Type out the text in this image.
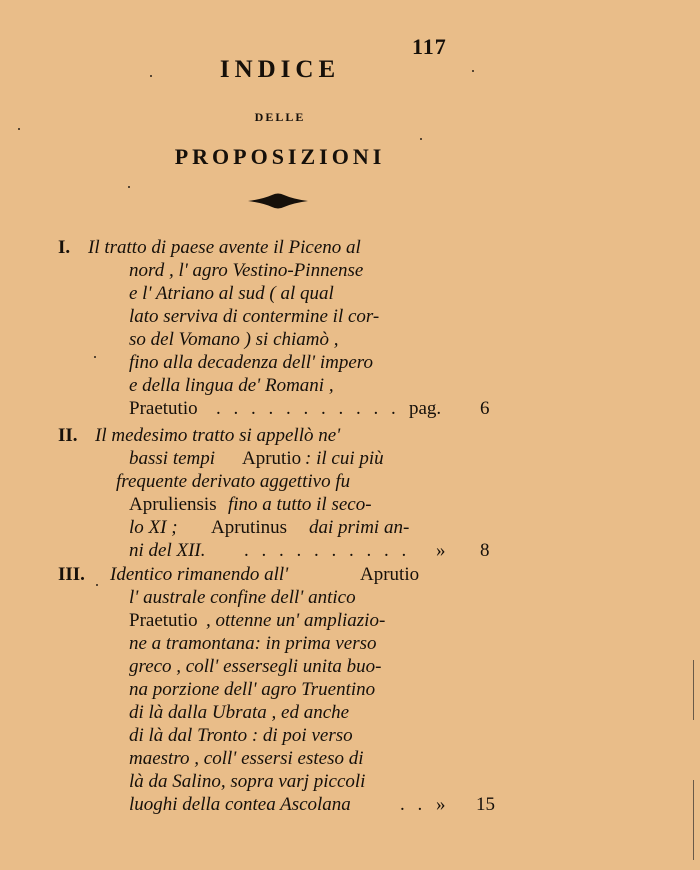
117
INDICE
DELLE
PROPOSIZIONI
I. Il tratto di paese avente il Piceno al
nord , l' agro Vestino-Pinnense
e l' Atriano al sud ( al qual
lato serviva di contermine il cor-
so del Vomano ) si chiamò ,
fino alla decadenza dell' impero
e della lingua de' Romani ,
Praetutio . . . . . . . . . . . pag. 6
II. Il medesimo tratto si appellò ne'
bassi tempi Aprutio : il cui più
frequente derivato aggettivo fu
Apruliensis fino a tutto il seco-
lo XI ; Aprutinus dai primi an-
ni del XII. . . . . . . . . . . » 8
III. Identico rimanendo all'	Aprutio
l' australe confine dell' antico
Praetutio , ottenne un' ampliazio-
ne a tramontana: in prima verso
greco , coll' essersegli unita buo-
na porzione dell' agro Truentino
di là dalla Ubrata , ed anche
di là dal Tronto : di poi verso
maestro , coll' essersi esteso di
là da Salino, sopra varj piccoli
luoghi della contea Ascolana	. . » 15
